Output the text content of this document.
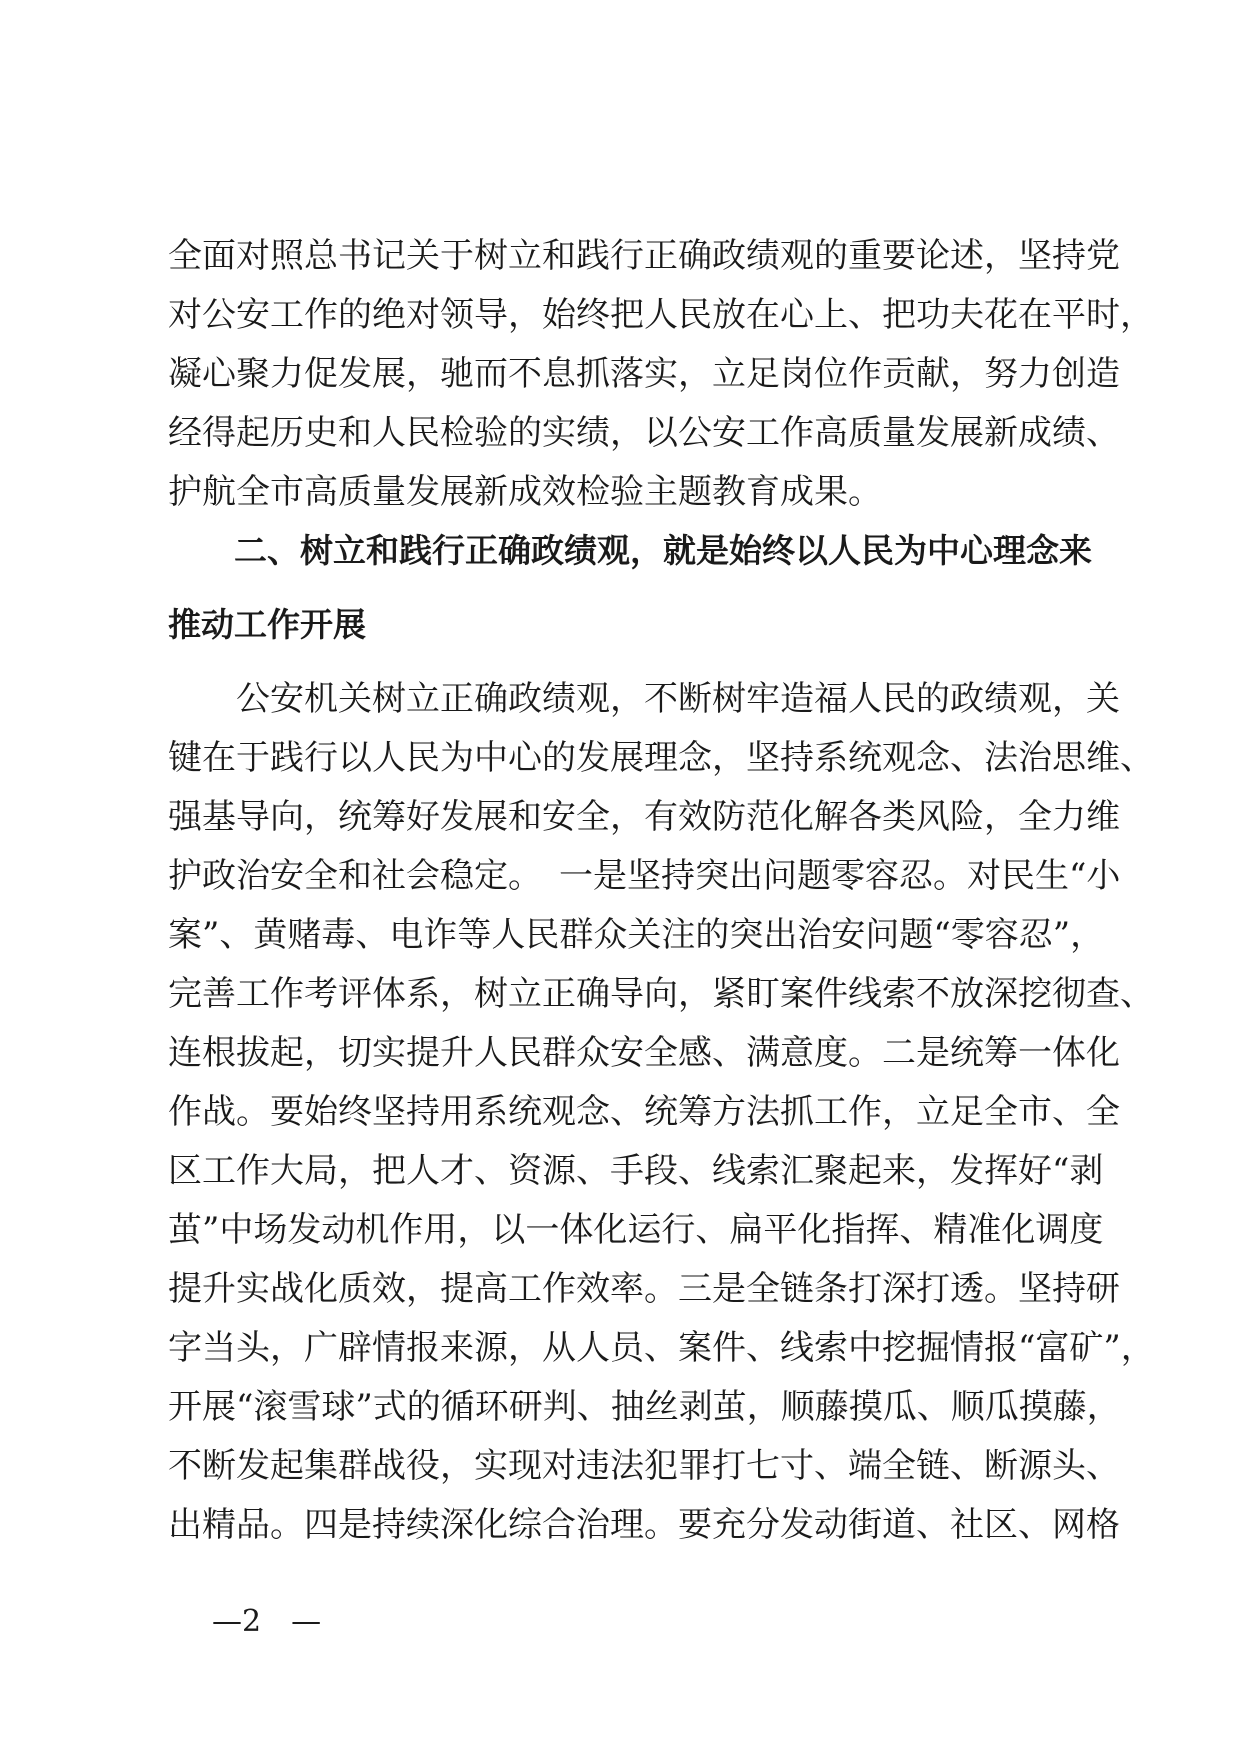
全面对照总书记关于树立和践行正确政绩观的重要论述，坚持党
对公安工作的绝对领导，始终把人民放在心上、把功夫花在平时，
凝心聚力促发展，驰而不息抓落实，立足岗位作贡献，努力创造
经得起历史和人民检验的实绩，以公安工作高质量发展新成绩、
护航全市高质量发展新成效检验主题教育成果。
二、树立和践行正确政绩观，就是始终以人民为中心理念来
推动工作开展
　　公安机关树立正确政绩观，不断树牢造福人民的政绩观，关
键在于践行以人民为中心的发展理念，坚持系统观念、法治思维、
强基导向，统筹好发展和安全，有效防范化解各类风险，全力维
护政治安全和社会稳定。　一是坚持突出问题零容忍。对民生“小
案”、黄赌毒、电诈等人民群众关注的突出治安问题“零容忍”，
完善工作考评体系，树立正确导向，紧盯案件线索不放深挖彻查、
连根拔起，切实提升人民群众安全感、满意度。二是统筹一体化
作战。要始终坚持用系统观念、统筹方法抓工作，立足全市、全
区工作大局，把人才、资源、手段、线索汇聚起来，发挥好“剥
茧”中场发动机作用，以一体化运行、扁平化指挥、精准化调度
提升实战化质效，提高工作效率。三是全链条打深打透。坚持研
字当头，广辟情报来源，从人员、案件、线索中挖掘情报“富矿”，
开展“滚雪球”式的循环研判、抽丝剥茧，顺藤摸瓜、顺瓜摸藤，
不断发起集群战役，实现对违法犯罪打七寸、端全链、断源头、
出精品。四是持续深化综合治理。要充分发动街道、社区、网格
—2　—
